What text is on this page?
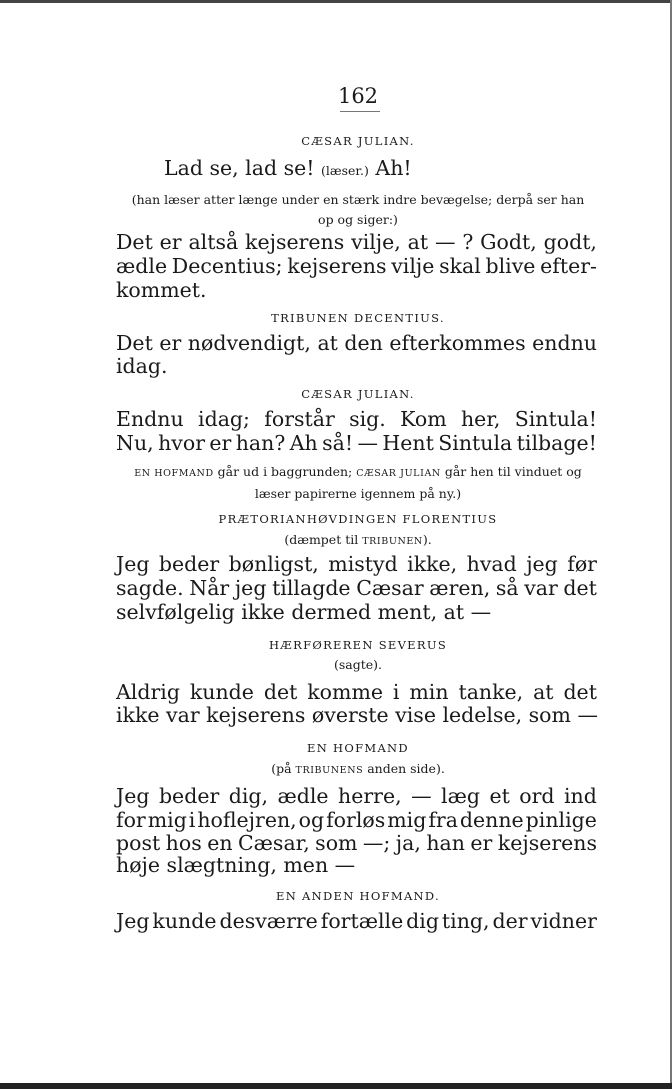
162
CÆSAR JULIAN.
Lad se, lad se! (læser.) Ah!
(han læser atter længe under en stærk indre bevægelse; derpå ser han
op og siger:)
Det er altså kejserens vilje, at — ? Godt, godt,
ædle Decentius; kejserens vilje skal blive efter-
kommet.
TRIBUNEN DECENTIUS.
Det er nødvendigt, at den efterkommes endnu
idag.
CÆSAR JULIAN.
Endnu idag; forstår sig. Kom her, Sintula!
Nu, hvor er han? Ah så! — Hent Sintula tilbage!
EN HOFMAND går ud i baggrunden; CÆSAR JULIAN går hen til vinduet og
læser papirerne igennem på ny.)
PRÆTORIANHØVDINGEN FLORENTIUS
(dæmpet til TRIBUNEN).
Jeg beder bønligst, mistyd ikke, hvad jeg før
sagde. Når jeg tillagde Cæsar æren, så var det
selvfølgelig ikke dermed ment, at —
HÆRFØREREN SEVERUS
(sagte).
Aldrig kunde det komme i min tanke, at det
ikke var kejserens øverste vise ledelse, som —
EN HOFMAND
(på TRIBUNENS anden side).
Jeg beder dig, ædle herre, — læg et ord ind
for mig i hoflejren, og forløs mig fra denne pinlige
post hos en Cæsar, som —; ja, han er kejserens
høje slægtning, men —
EN ANDEN HOFMAND.
Jeg kunde desværre fortælle dig ting, der vidner
